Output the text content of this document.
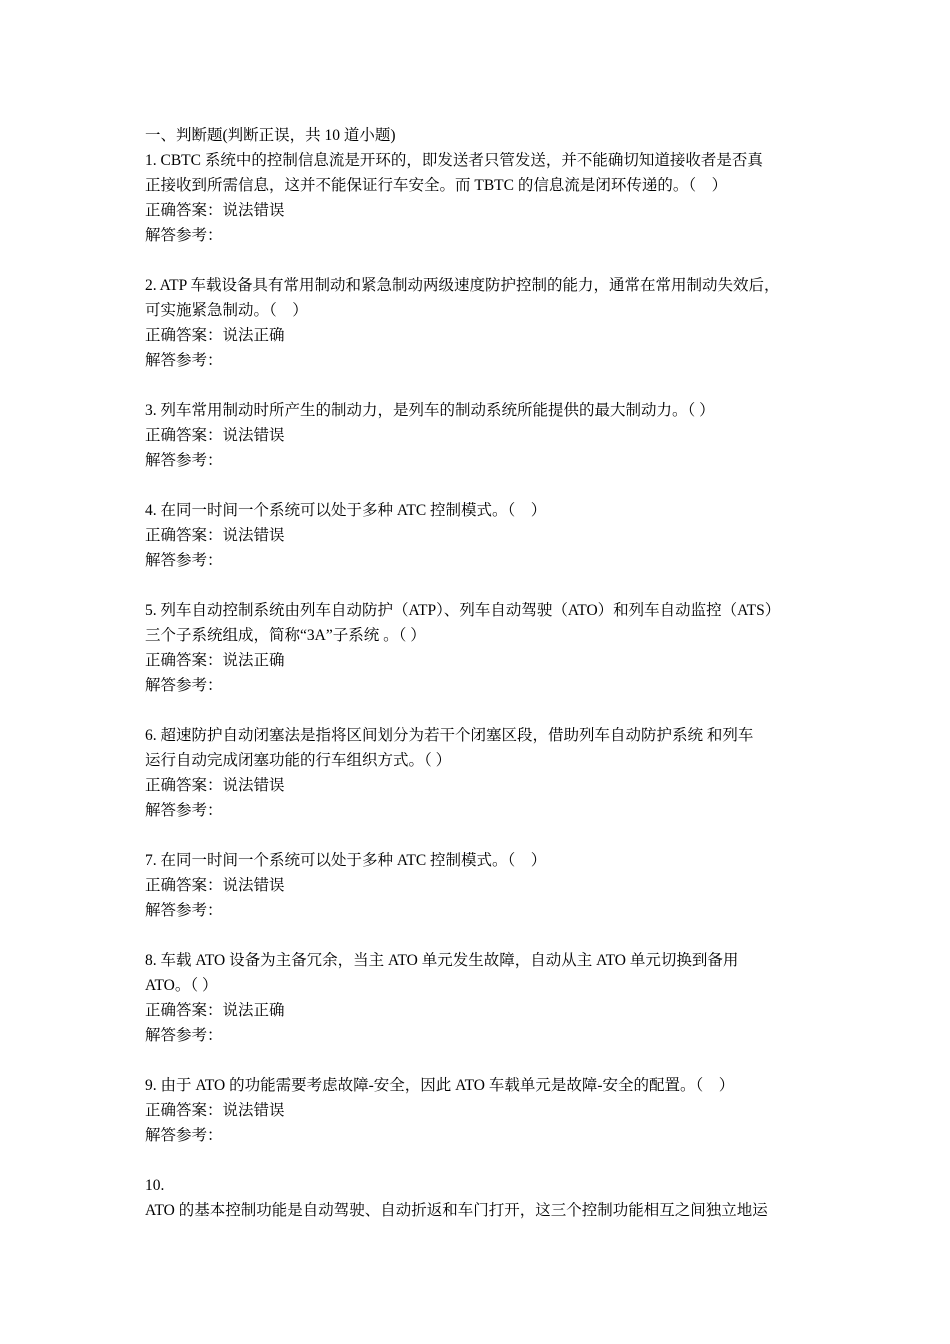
一、判断题(判断正误，共 10 道小题)
1. CBTC 系统中的控制信息流是开环的，即发送者只管发送，并不能确切知道接收者是否真
正接收到所需信息，这并不能保证行车安全。而 TBTC 的信息流是闭环传递的。（　）
正确答案：说法错误
解答参考：
2. ATP 车载设备具有常用制动和紧急制动两级速度防护控制的能力，通常在常用制动失效后，
可实施紧急制动。（　）
正确答案：说法正确
解答参考：
3. 列车常用制动时所产生的制动力，是列车的制动系统所能提供的最大制动力。（ ）
正确答案：说法错误
解答参考：
4. 在同一时间一个系统可以处于多种 ATC 控制模式。（　）
正确答案：说法错误
解答参考：
5. 列车自动控制系统由列车自动防护（ATP）、列车自动驾驶（ATO）和列车自动监控（ATS）
三个子系统组成，简称“3A”子系统 。（ ）
正确答案：说法正确
解答参考：
6. 超速防护自动闭塞法是指将区间划分为若干个闭塞区段，借助列车自动防护系统 和列车
运行自动完成闭塞功能的行车组织方式。（ ）
正确答案：说法错误
解答参考：
7. 在同一时间一个系统可以处于多种 ATC 控制模式。（　）
正确答案：说法错误
解答参考：
8. 车载 ATO 设备为主备冗余，当主 ATO 单元发生故障，自动从主 ATO 单元切换到备用
ATO。（ ）
正确答案：说法正确
解答参考：
9. 由于 ATO 的功能需要考虑故障-安全，因此 ATO 车载单元是故障-安全的配置。（　）
正确答案：说法错误
解答参考：
10.
ATO 的基本控制功能是自动驾驶、自动折返和车门打开，这三个控制功能相互之间独立地运
